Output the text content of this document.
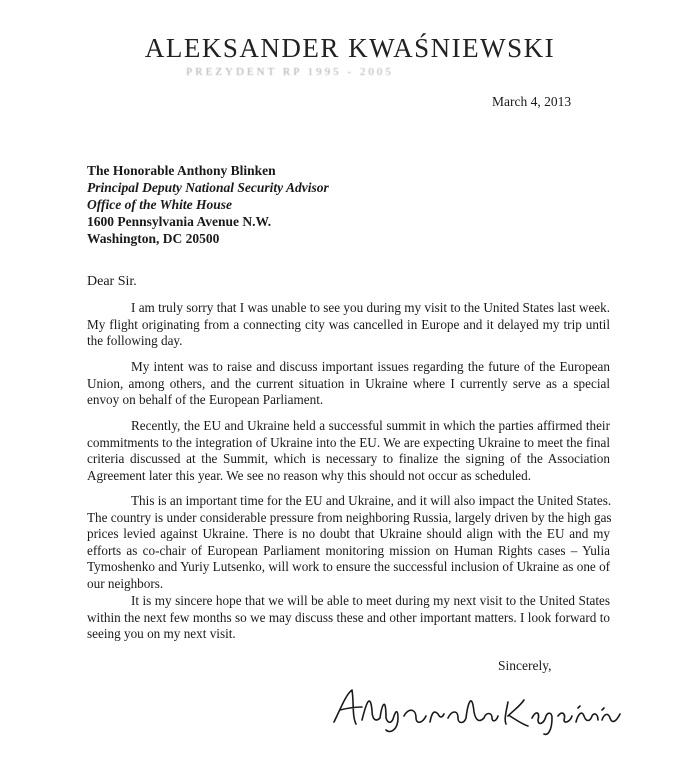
ALEKSANDER KWAŚNIEWSKI
PREZYDENT RP 1995 - 2005
March 4, 2013
The Honorable Anthony Blinken
Principal Deputy National Security Advisor
Office of the White House
1600 Pennsylvania Avenue N.W.
Washington, DC 20500
Dear Sir.
I am truly sorry that I was unable to see you during my visit to the United States last week.
My flight originating from a connecting city was cancelled in Europe and it delayed my trip until
the following day.
My intent was to raise and discuss important issues regarding the future of the European
Union, among others, and the current situation in Ukraine where I currently serve as a special
envoy on behalf of the European Parliament.
Recently, the EU and Ukraine held a successful summit in which the parties affirmed their
commitments to the integration of Ukraine into the EU. We are expecting Ukraine to meet the final
criteria discussed at the Summit, which is necessary to finalize the signing of the Association
Agreement later this year. We see no reason why this should not occur as scheduled.
This is an important time for the EU and Ukraine, and it will also impact the United States.
The country is under considerable pressure from neighboring Russia, largely driven by the high gas
prices levied against Ukraine. There is no doubt that Ukraine should align with the EU and my
efforts as co-chair of European Parliament monitoring mission on Human Rights cases – Yulia
Tymoshenko and Yuriy Lutsenko, will work to ensure the successful inclusion of Ukraine as one of
our neighbors.
It is my sincere hope that we will be able to meet during my next visit to the United States
within the next few months so we may discuss these and other important matters. I look forward to
seeing you on my next visit.
Sincerely,
